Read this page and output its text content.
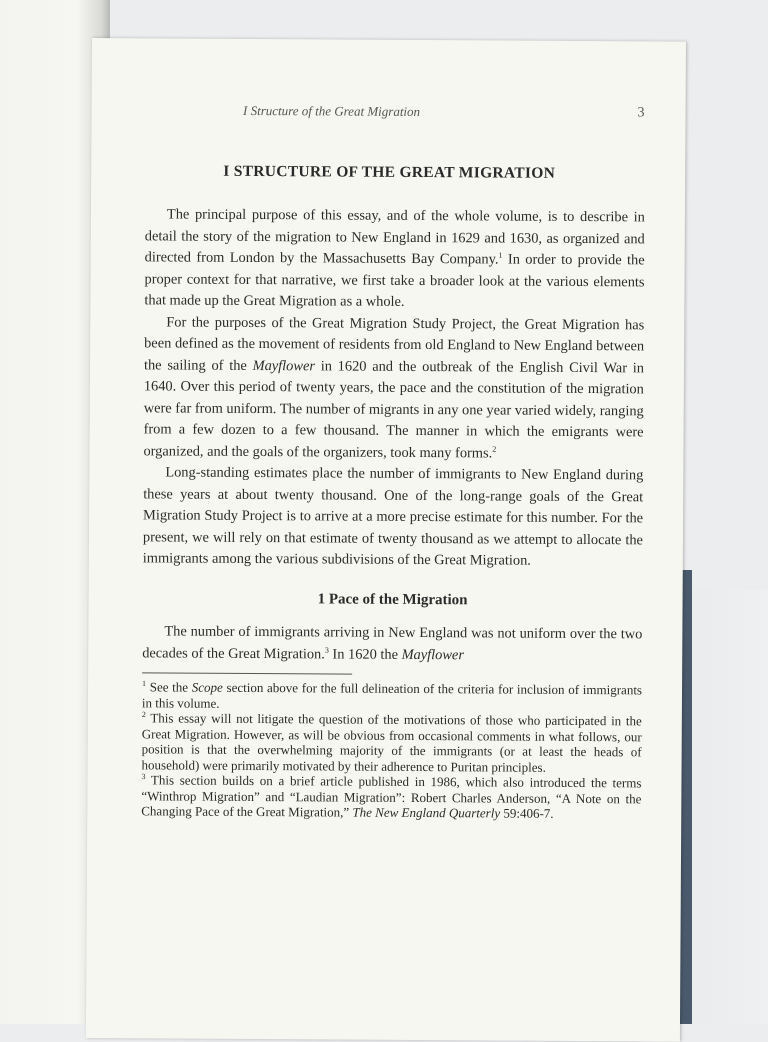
I Structure of the Great Migration	3
I STRUCTURE OF THE GREAT MIGRATION

The principal purpose of this essay, and of the whole volume, is to describe in detail the story of the migration to New England in 1629 and 1630, as organized and directed from London by the Massachusetts Bay Company.$^1$ In order to provide the proper context for that narrative, we first take a broader look at the various elements that made up the Great Migration as a whole.

For the purposes of the Great Migration Study Project, the Great Migration has been defined as the movement of residents from old England to New England between the sailing of the Mayflower in 1620 and the outbreak of the English Civil War in 1640. Over this period of twenty years, the pace and the constitution of the migration were far from uniform. The number of migrants in any one year varied widely, ranging from a few dozen to a few thousand. The manner in which the emigrants were organized, and the goals of the organizers, took many forms.$^2$

Long-standing estimates place the number of immigrants to New England during these years at about twenty thousand. One of the long-range goals of the Great Migration Study Project is to arrive at a more precise estimate for this number. For the present, we will rely on that estimate of twenty thousand as we attempt to allocate the immigrants among the various subdivisions of the Great Migration.

1 Pace of the Migration

The number of immigrants arriving in New England was not uniform over the two decades of the Great Migration.$^3$ In 1620 the Mayflower

$^1$ See the Scope section above for the full delineation of the criteria for inclusion of immigrants in this volume.

$^2$ This essay will not litigate the question of the motivations of those who participated in the Great Migration. However, as will be obvious from occasional comments in what follows, our position is that the overwhelming majority of the immigrants (or at least the heads of household) were primarily motivated by their adherence to Puritan principles.

$^3$ This section builds on a brief article published in 1986, which also introduced the terms “Winthrop Migration” and “Laudian Migration”: Robert Charles Anderson, “A Note on the Changing Pace of the Great Migration,” The New England Quarterly 59:406-7.
